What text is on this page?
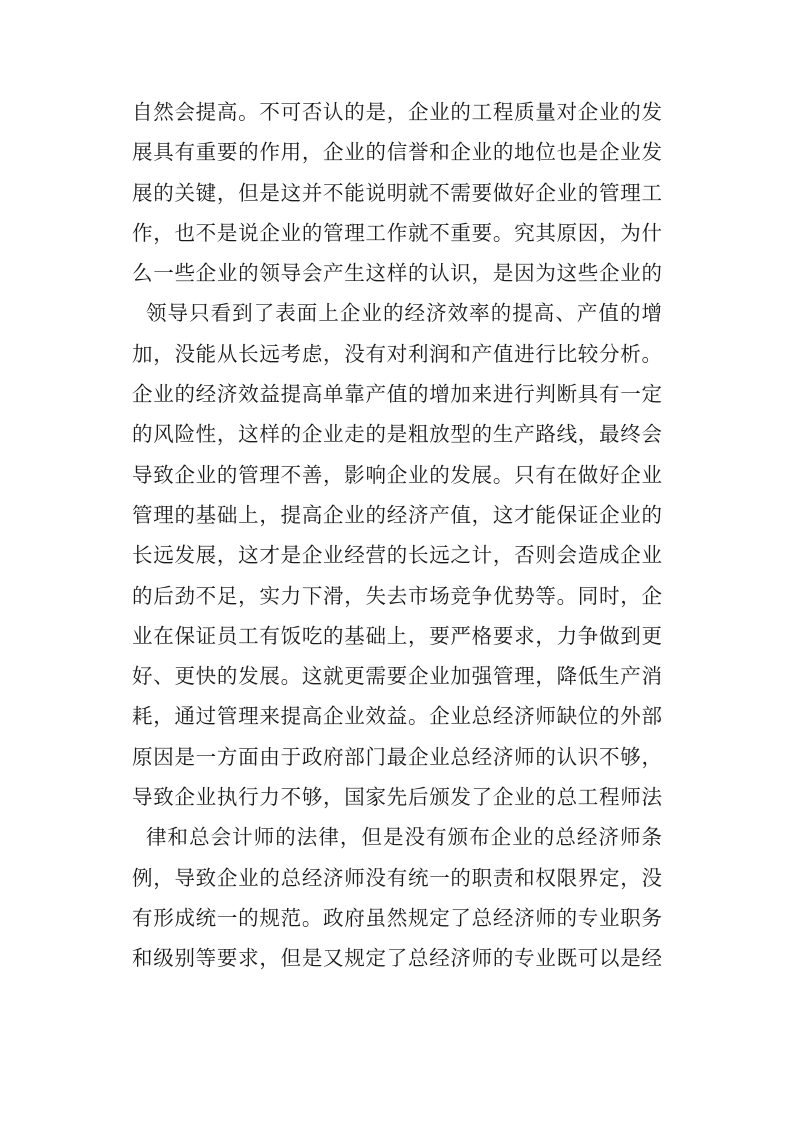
自然会提高。不可否认的是，企业的工程质量对企业的发
展具有重要的作用，企业的信誉和企业的地位也是企业发
展的关键，但是这并不能说明就不需要做好企业的管理工
作，也不是说企业的管理工作就不重要。究其原因，为什
么一些企业的领导会产生这样的认识，是因为这些企业的
领导只看到了表面上企业的经济效率的提高、产值的增
加，没能从长远考虑，没有对利润和产值进行比较分析。
企业的经济效益提高单靠产值的增加来进行判断具有一定
的风险性，这样的企业走的是粗放型的生产路线，最终会
导致企业的管理不善，影响企业的发展。只有在做好企业
管理的基础上，提高企业的经济产值，这才能保证企业的
长远发展，这才是企业经营的长远之计，否则会造成企业
的后劲不足，实力下滑，失去市场竞争优势等。同时，企
业在保证员工有饭吃的基础上，要严格要求，力争做到更
好、更快的发展。这就更需要企业加强管理，降低生产消
耗，通过管理来提高企业效益。企业总经济师缺位的外部
原因是一方面由于政府部门最企业总经济师的认识不够，
导致企业执行力不够，国家先后颁发了企业的总工程师法
律和总会计师的法律，但是没有颁布企业的总经济师条
例，导致企业的总经济师没有统一的职责和权限界定，没
有形成统一的规范。政府虽然规定了总经济师的专业职务
和级别等要求，但是又规定了总经济师的专业既可以是经
